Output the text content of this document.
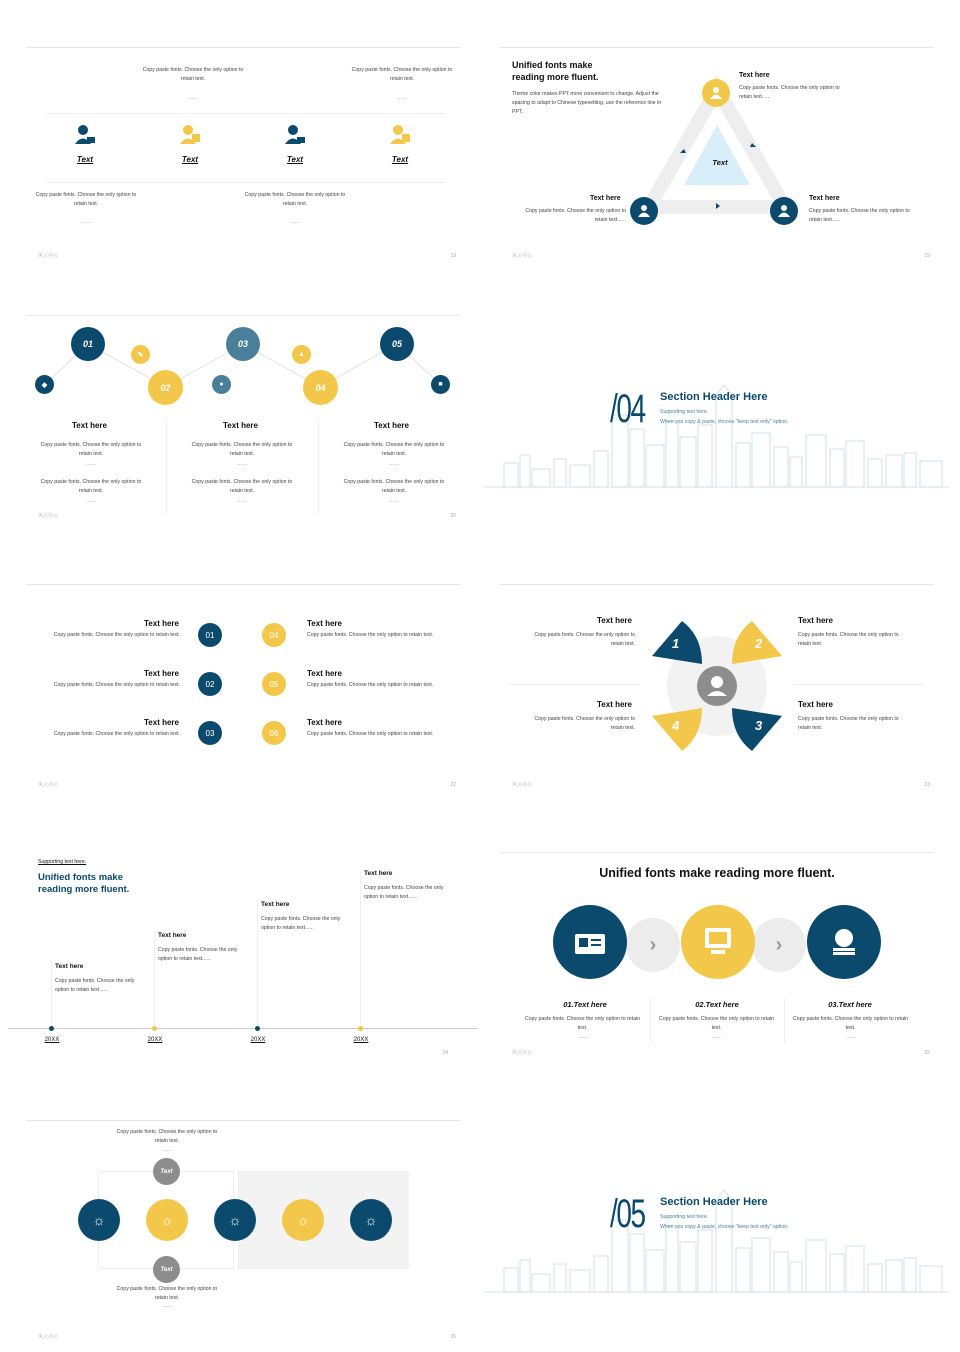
Copy paste fonts. Choose the only option to retain text.
......
Copy paste fonts. Choose the only option to retain text.
......
Text	Text	Text	Text
Copy paste fonts. Choose the only option to retain text.
......
Copy paste fonts. Choose the only option to retain text.
......
风云办公	19
Unified fonts make
reading more fluent.
Theme color makes PPT more convenient to change. Adjust the spacing to adapt to Chinese typesetting, use the reference line in PPT.
Text
Text here
Copy paste fonts. Choose the only option to retain text......
Text here
Copy paste fonts. Choose the only option to retain text......
Text here
Copy paste fonts. Choose the only option to retain text......
风云办公	19
01
02
03
04
05
◆
✎
●
▲
■
Text here	Text here	Text here
Copy paste fonts. Choose the only option to retain text.
......
Copy paste fonts. Choose the only option to retain text.
......
Copy paste fonts. Choose the only option to retain text.
......
Copy paste fonts. Choose the only option to retain text.
......
Copy paste fonts. Choose the only option to retain text.
......
Copy paste fonts. Choose the only option to retain text.
......
风云办公	20
/04 Section Header Here
Supporting text here.
When you copy & paste, choose "keep text only" option.
Text here
Copy paste fonts. Choose the only option to retain text.
Text here
Copy paste fonts. Choose the only option to retain text.
Text here
Copy paste fonts. Choose the only option to retain text.
01
02
03
04
05
06
Text here
Copy paste fonts. Choose the only option to retain text.
Text here
Copy paste fonts. Choose the only option to retain text.
Text here
Copy paste fonts. Choose the only option to retain text.
风云办公	22
1	2
3
4
Text here
Copy paste fonts. Choose the only option to retain text.
Text here
Copy paste fonts. Choose the only option to retain text.
Text here
Copy paste fonts. Choose the only option to retain text.
Text here
Copy paste fonts. Choose the only option to retain text.
风云办公	23
Supporting text here.
Unified fonts make
reading more fluent.
Text here
Copy paste fonts. Choose the only option to retain text......
Text here
Copy paste fonts. Choose the only option to retain text......
Text here
Copy paste fonts. Choose the only option to retain text......
Text here
Copy paste fonts. Choose the only option to retain text......
20XX	20XX	20XX	20XX
24
Unified fonts make reading more fluent.
›	›
01.Text here	02.Text here	03.Text here
Copy paste fonts. Choose the only option to retain text.
Copy paste fonts. Choose the only option to retain text.
Copy paste fonts. Choose the only option to retain text.
......	......	......
风云办公	25
Copy paste fonts. Choose the only option to retain text.
......
Text
Text
Copy paste fonts. Choose the only option to retain text.
......
☼	☼	☼	☼	☼
风云办公	26
/05 Section Header Here
Supporting text here.
When you copy & paste, choose "keep text only" option.
